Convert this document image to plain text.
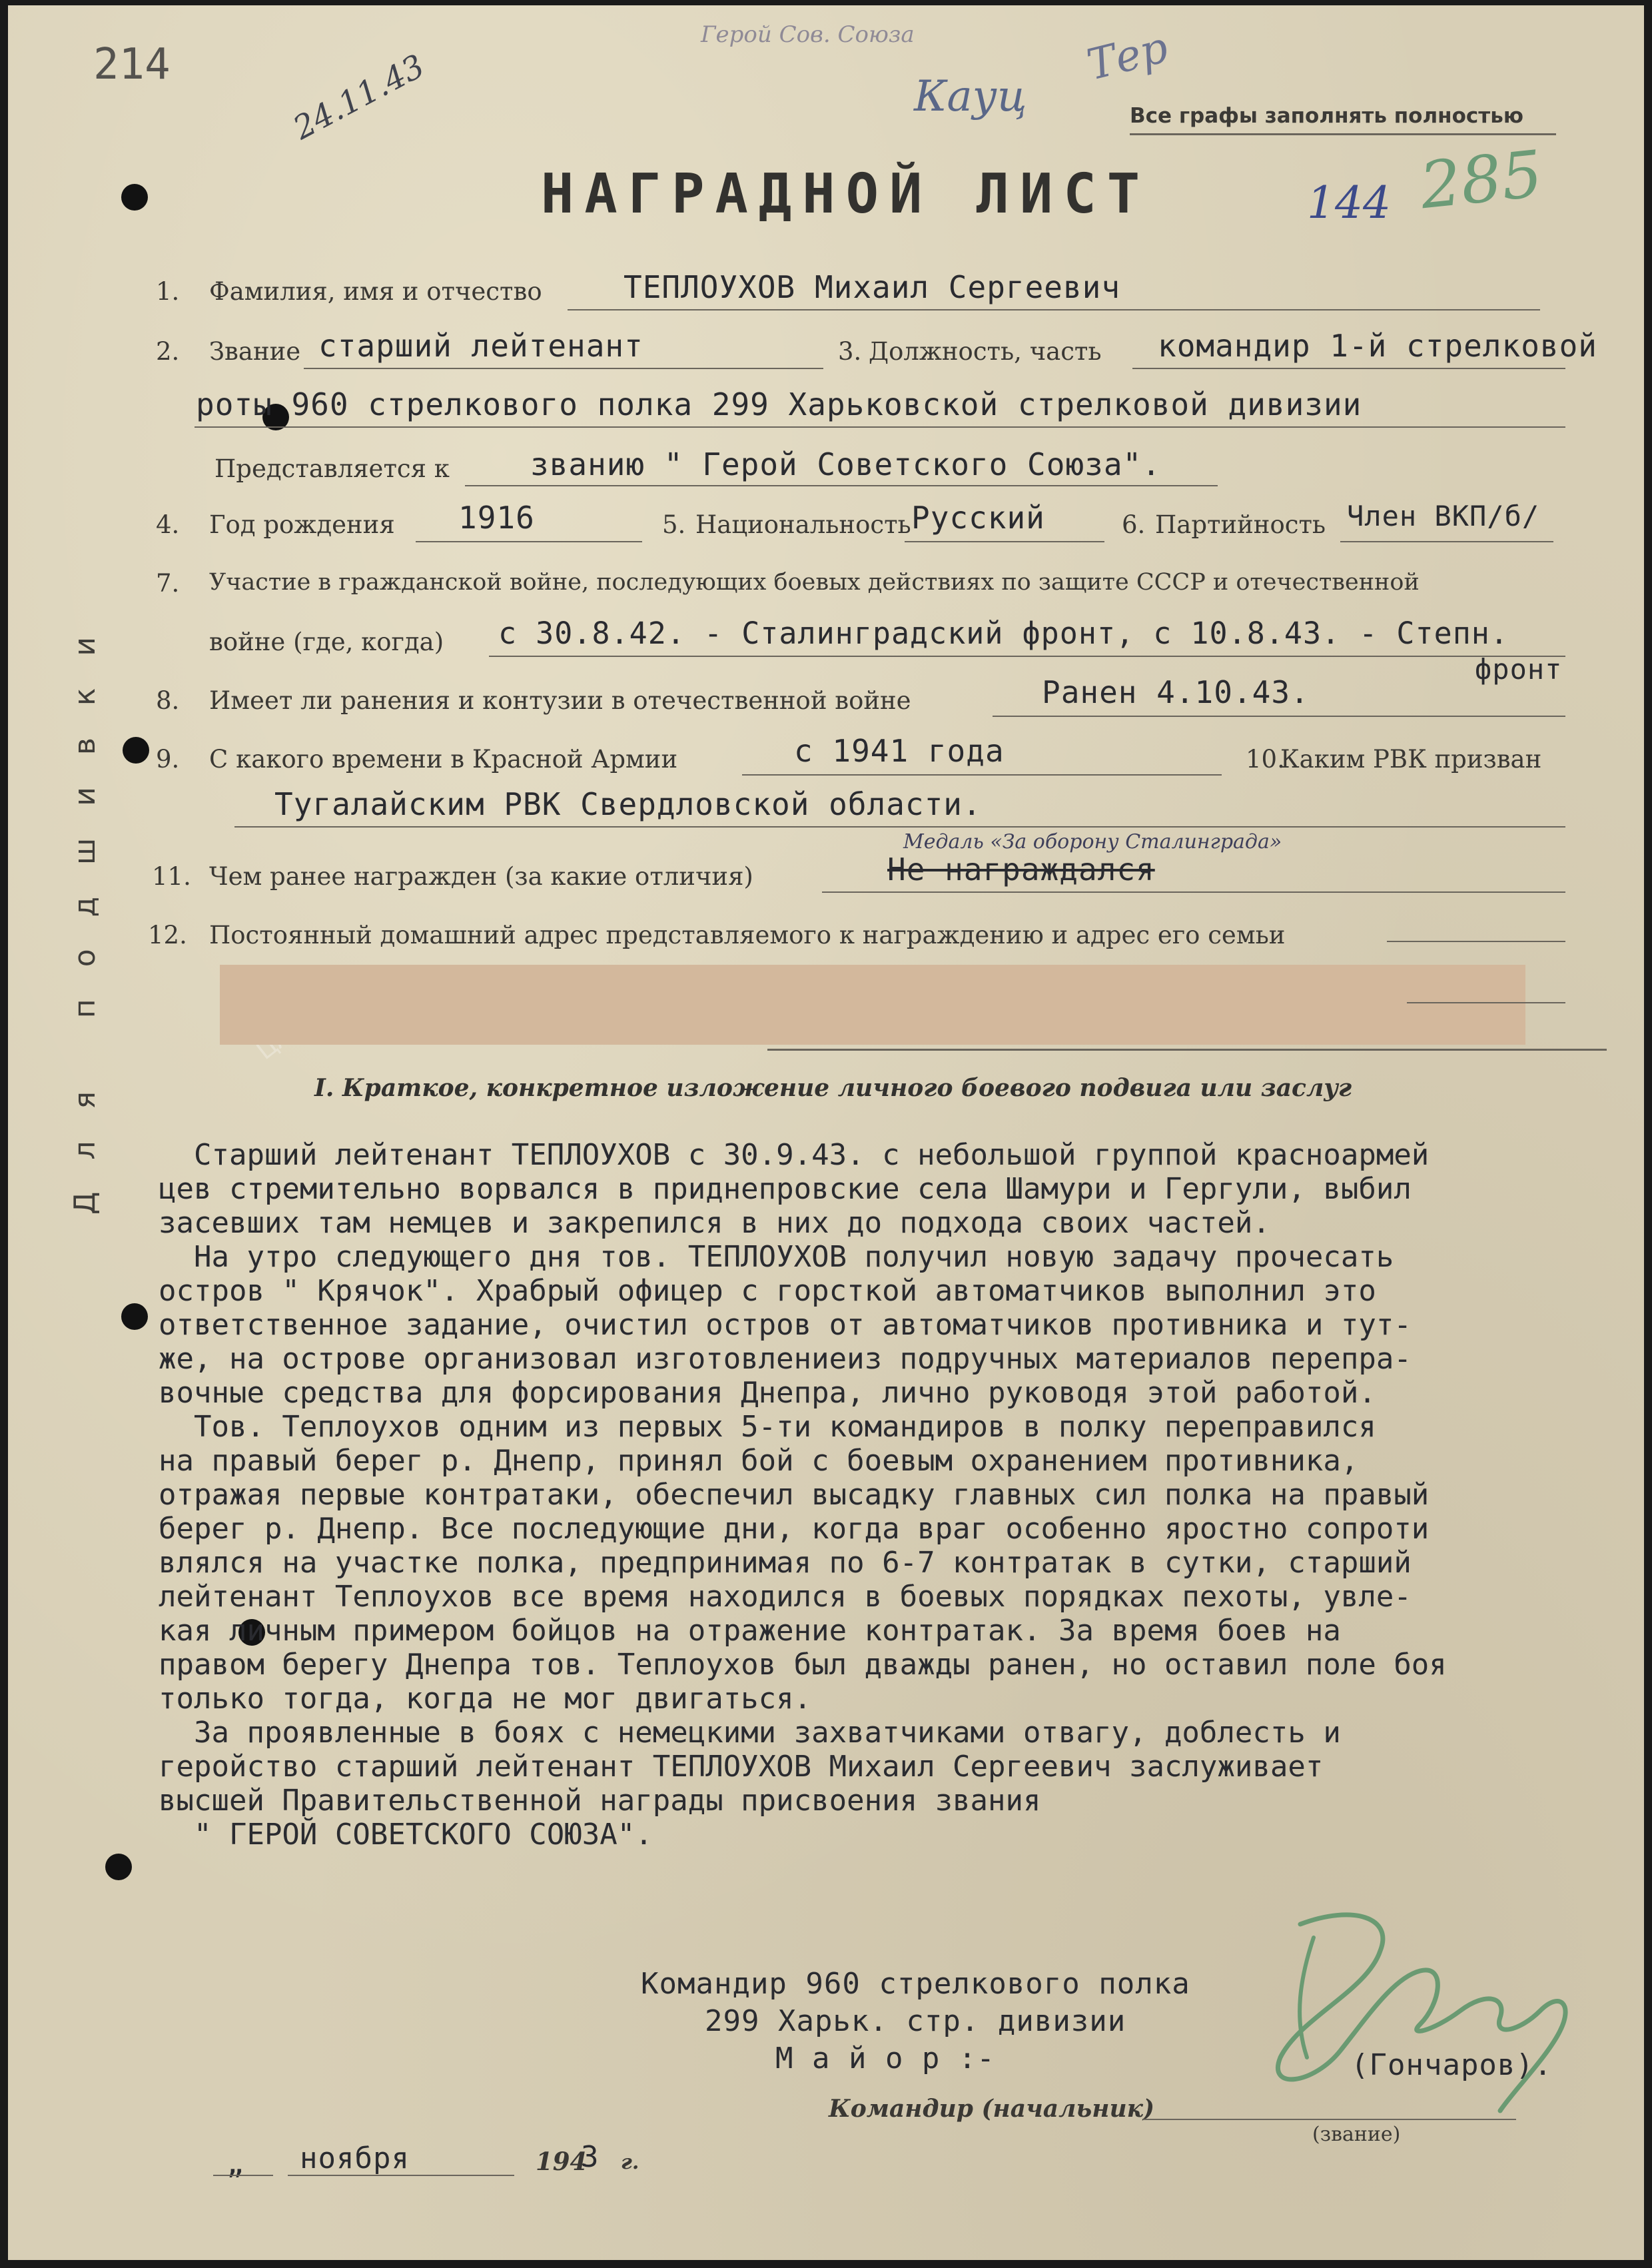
Для подшивки
214	24.11.43
Герой Сов. Союза
Кауц
Тер
Все графы заполнять полностью
144 285
НАГРАДНОЙ ЛИСТ
1. Фамилия, имя и отчество	ТЕПЛОУХОВ Михаил Сергеевич
2. Звание старший лейтенант	3. Должность, часть командир 1-й стрелковой
роты 960 стрелкового полка 299 Харьковской стрелковой дивизии
Представляется к	званию " Герой Советского Союза".
4. Год рождения 1916	5. Национальность Русский	6. Партийность Член ВКП/б/
7. Участие в гражданской войне, последующих боевых действиях по защите СССР и отечественной
войне (где, когда) с 30.8.42. - Сталинградский фронт, с 10.8.43. - Степн.
фронт
8. Имеет ли ранения и контузии в отечественной войне	Ранен 4.10.43.
9. С какого времени в Красной Армии	с 1941 года	10.
Каким РВК призван
Тугалайским РВК Свердловской области.
11. Чем ранее награжден (за какие отличия)	Не награждался
Медаль «За оборону Сталинграда»
12. Постоянный домашний адрес представляемого к награждению и адрес его семьи
I. Краткое, конкретное изложение личного боевого подвига или заслуг

Старший лейтенант ТЕПЛОУХОВ с 30.9.43. с небольшой группой красноармей

цев стремительно ворвался в приднепровские села Шамури и Гергули, выбил

засевших там немцев и закрепился в них до подхода своих частей.

На утро следующего дня тов. ТЕПЛОУХОВ получил новую задачу прочесать

остров " Крячок". Храбрый офицер с горсткой автоматчиков выполнил это

ответственное задание, очистил остров от автоматчиков противника и тут-

же, на острове организовал изготовлениеиз подручных материалов перепра-

вочные средства для форсирования Днепра, лично руководя этой работой.

Тов. Теплоухов одним из первых 5-ти командиров в полку переправился

на правый берег р. Днепр, принял бой с боевым охранением противника,

отражая первые контратаки, обеспечил высадку главных сил полка на правый

берег р. Днепр. Все последующие дни, когда враг особенно яростно сопроти

влялся на участке полка, предпринимая по 6-7 контратак в сутки, старший

лейтенант Теплоухов все время находился в боевых порядках пехоты, увле-

кая личным примером бойцов на отражение контратак. За время боев на

правом берегу Днепра тов. Теплоухов был дважды ранен, но оставил поле боя

только тогда, когда не мог двигаться.

За проявленные в боях с немецкими захватчиками отвагу, доблесть и

геройство старший лейтенант ТЕПЛОУХОВ Михаил Сергеевич заслуживает

высшей Правительственной награды присвоения звания

" ГЕРОЙ СОВЕТСКОГО СОЮЗА".

Командир 960 стрелкового полка
299 Харьк. стр. дивизии
М а й о р :-	(Гончаров).
Командир (начальник)
(звание)
„ ноября	194
3 г.
